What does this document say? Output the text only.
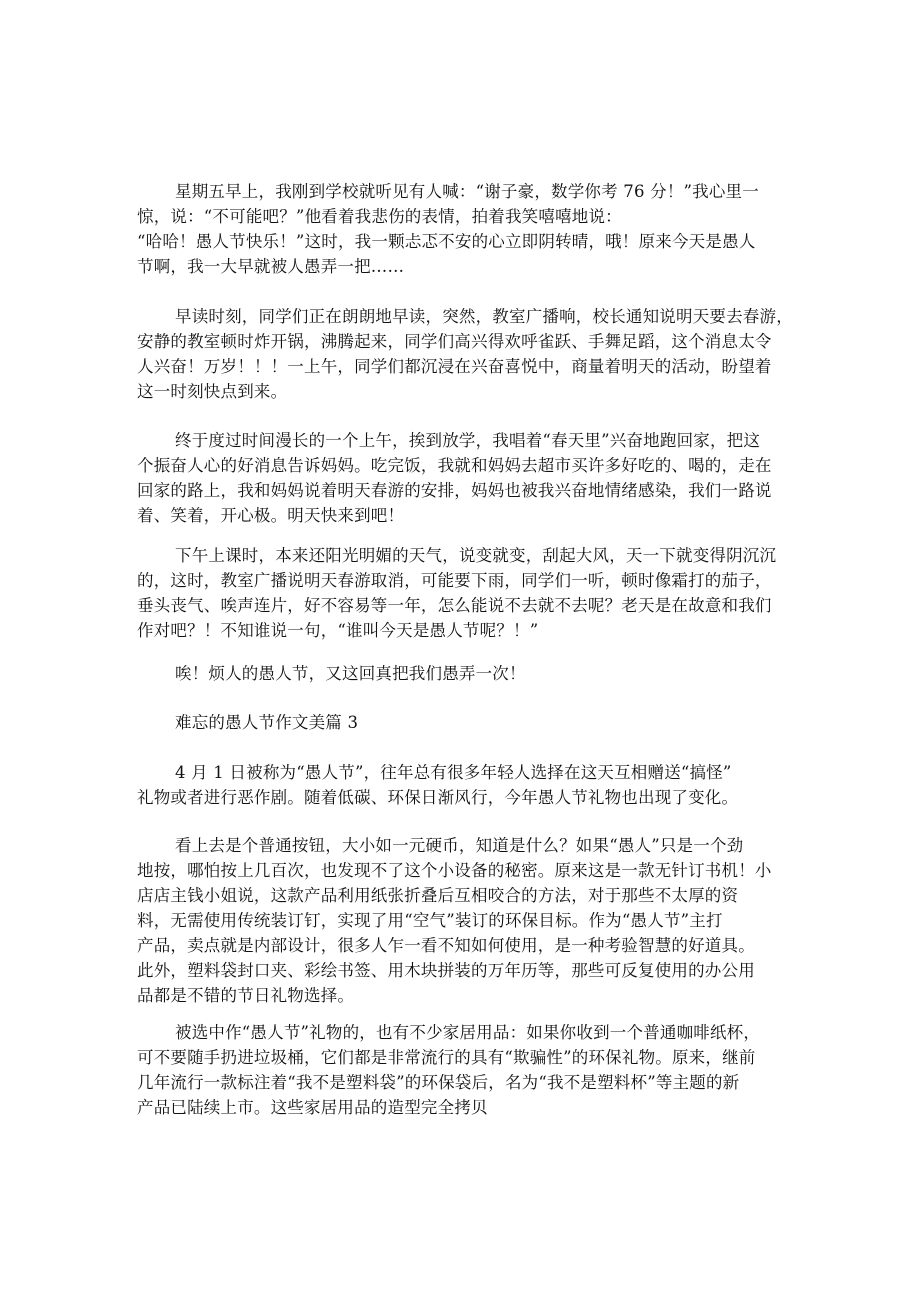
星期五早上，我刚到学校就听见有人喊：“谢子豪，数学你考 76 分！”我心里一
惊，说：“不可能吧？”他看着我悲伤的表情，拍着我笑嘻嘻地说：
“哈哈！愚人节快乐！”这时，我一颗忐忑不安的心立即阴转晴，哦！原来今天是愚人
节啊，我一大早就被人愚弄一把……
早读时刻，同学们正在朗朗地早读，突然，教室广播响，校长通知说明天要去春游，
安静的教室顿时炸开锅，沸腾起来，同学们高兴得欢呼雀跃、手舞足蹈，这个消息太令
人兴奋！万岁！！！一上午，同学们都沉浸在兴奋喜悦中，商量着明天的活动，盼望着
这一时刻快点到来。
终于度过时间漫长的一个上午，挨到放学，我唱着“春天里”兴奋地跑回家，把这
个振奋人心的好消息告诉妈妈。吃完饭，我就和妈妈去超市买许多好吃的、喝的，走在
回家的路上，我和妈妈说着明天春游的安排，妈妈也被我兴奋地情绪感染，我们一路说
着、笑着，开心极。明天快来到吧！
下午上课时，本来还阳光明媚的天气，说变就变，刮起大风，天一下就变得阴沉沉
的，这时，教室广播说明天春游取消，可能要下雨，同学们一听，顿时像霜打的茄子，
垂头丧气、唉声连片，好不容易等一年，怎么能说不去就不去呢？老天是在故意和我们
作对吧？！不知谁说一句，“谁叫今天是愚人节呢？！”
唉！烦人的愚人节，又这回真把我们愚弄一次！
难忘的愚人节作文美篇 3
4 月 1 日被称为“愚人节”，往年总有很多年轻人选择在这天互相赠送“搞怪”
礼物或者进行恶作剧。随着低碳、环保日渐风行，今年愚人节礼物也出现了变化。
看上去是个普通按钮，大小如一元硬币，知道是什么？如果“愚人”只是一个劲
地按，哪怕按上几百次，也发现不了这个小设备的秘密。原来这是一款无针订书机！小
店店主钱小姐说，这款产品利用纸张折叠后互相咬合的方法，对于那些不太厚的资
料，无需使用传统装订钉，实现了用“空气”装订的环保目标。作为“愚人节”主打
产品，卖点就是内部设计，很多人乍一看不知如何使用，是一种考验智慧的好道具。
此外，塑料袋封口夹、彩绘书签、用木块拼装的万年历等，那些可反复使用的办公用
品都是不错的节日礼物选择。
被选中作“愚人节”礼物的，也有不少家居用品：如果你收到一个普通咖啡纸杯，
可不要随手扔进垃圾桶，它们都是非常流行的具有“欺骗性”的环保礼物。原来，继前
几年流行一款标注着“我不是塑料袋”的环保袋后，名为“我不是塑料杯”等主题的新
产品已陆续上市。这些家居用品的造型完全拷贝
